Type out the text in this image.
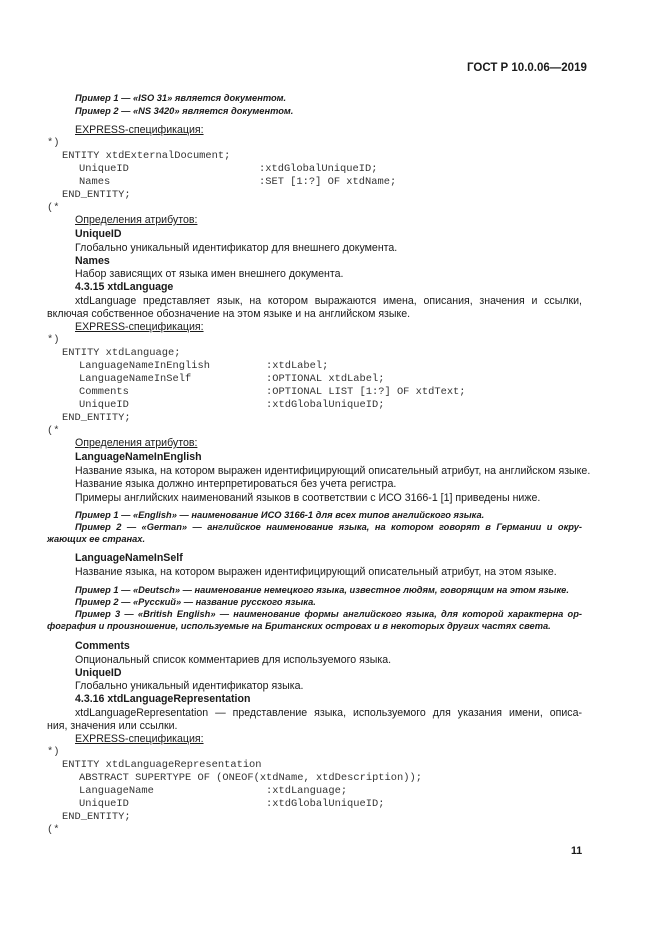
ГОСТ Р 10.0.06—2019
Пример 1 — «ISO 31» является документом.
Пример 2 — «NS 3420» является документом.
EXPRESS-спецификация:
*)
ENTITY xtdExternalDocument;
UniqueID	:xtdGlobalUniqueID;
Names	:SET [1:?] OF xtdName;
END_ENTITY;
(*
Определения атрибутов:
UniqueID
Глобально уникальный идентификатор для внешнего документа.
Names
Набор зависящих от языка имен внешнего документа.
4.3.15 xtdLanguage
xtdLanguage представляет язык, на котором выражаются имена, описания, значения и ссылки,
включая собственное обозначение на этом языке и на английском языке.
EXPRESS-спецификация:
*)
ENTITY xtdLanguage;
LanguageNameInEnglish	:xtdLabel;
LanguageNameInSelf	:OPTIONAL xtdLabel;
Comments	:OPTIONAL LIST [1:?] OF xtdText;
UniqueID	:xtdGlobalUniqueID;
END_ENTITY;
(*
Определения атрибутов:
LanguageNameInEnglish
Название языка, на котором выражен идентифицирующий описательный атрибут, на английском языке.
Название языка должно интерпретироваться без учета регистра.
Примеры английских наименований языков в соответствии с ИСО 3166-1 [1] приведены ниже.
Пример 1 — «English» — наименование ИСО 3166-1 для всех типов английского языка.
Пример 2 — «German» — английское наименование языка, на котором говорят в Германии и окру-
жающих ее странах.
LanguageNameInSelf
Название языка, на котором выражен идентифицирующий описательный атрибут, на этом языке.
Пример 1 — «Deutsch» — наименование немецкого языка, известное людям, говорящим на этом языке.
Пример 2 — «Русский» — название русского языка.
Пример 3 — «British English» — наименование формы английского языка, для которой характерна ор-
фография и произношение, используемые на Британских островах и в некоторых других частях света.
Comments
Опциональный список комментариев для используемого языка.
UniqueID
Глобально уникальный идентификатор языка.
4.3.16 xtdLanguageRepresentation
xtdLanguageRepresentation — представление языка, используемого для указания имени, описа-
ния, значения или ссылки.
EXPRESS-спецификация:
*)
ENTITY xtdLanguageRepresentation
ABSTRACT SUPERTYPE OF (ONEOF(xtdName, xtdDescription));
LanguageName	:xtdLanguage;
UniqueID	:xtdGlobalUniqueID;
END_ENTITY;
(*
11
